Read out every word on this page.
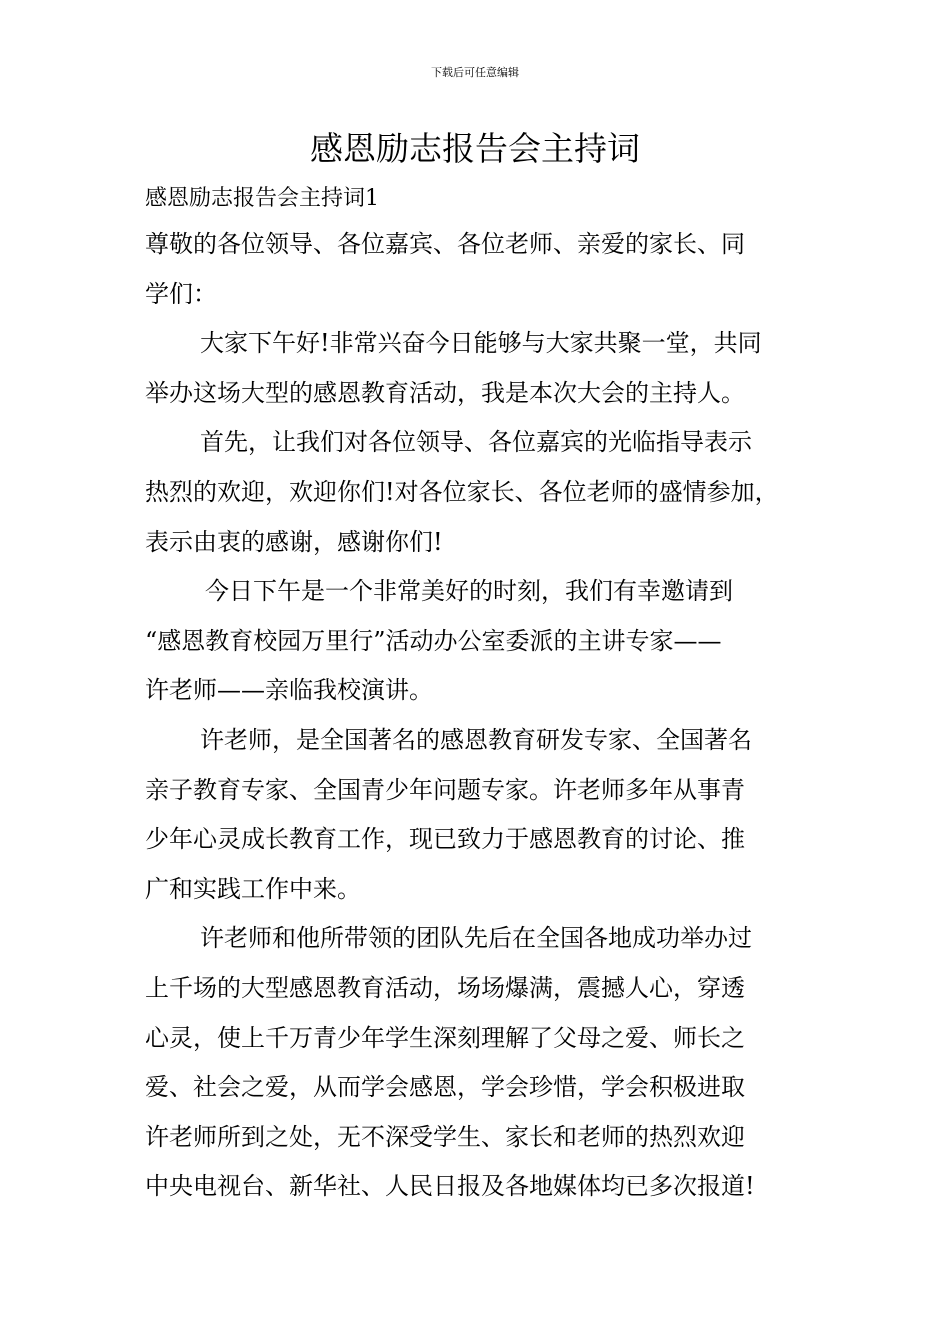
下载后可任意编辑
感恩励志报告会主持词

感恩励志报告会主持词1

尊敬的各位领导、各位嘉宾、各位老师、亲爱的家长、同
学们：

大家下午好!非常兴奋今日能够与大家共聚一堂，共同
举办这场大型的感恩教育活动，我是本次大会的主持人。

首先，让我们对各位领导、各位嘉宾的光临指导表示
热烈的欢迎，欢迎你们!对各位家长、各位老师的盛情参加，
表示由衷的感谢，感谢你们!

今日下午是一个非常美好的时刻，我们有幸邀请到
“感恩教育校园万里行”活动办公室委派的主讲专家——
许老师——亲临我校演讲。

许老师，是全国著名的感恩教育研发专家、全国著名
亲子教育专家、全国青少年问题专家。许老师多年从事青
少年心灵成长教育工作，现已致力于感恩教育的讨论、推
广和实践工作中来。

许老师和他所带领的团队先后在全国各地成功举办过
上千场的大型感恩教育活动，场场爆满，震撼人心，穿透
心灵，使上千万青少年学生深刻理解了父母之爱、师长之
爱、社会之爱，从而学会感恩，学会珍惜，学会积极进取
许老师所到之处，无不深受学生、家长和老师的热烈欢迎
中央电视台、新华社、人民日报及各地媒体均已多次报道!
